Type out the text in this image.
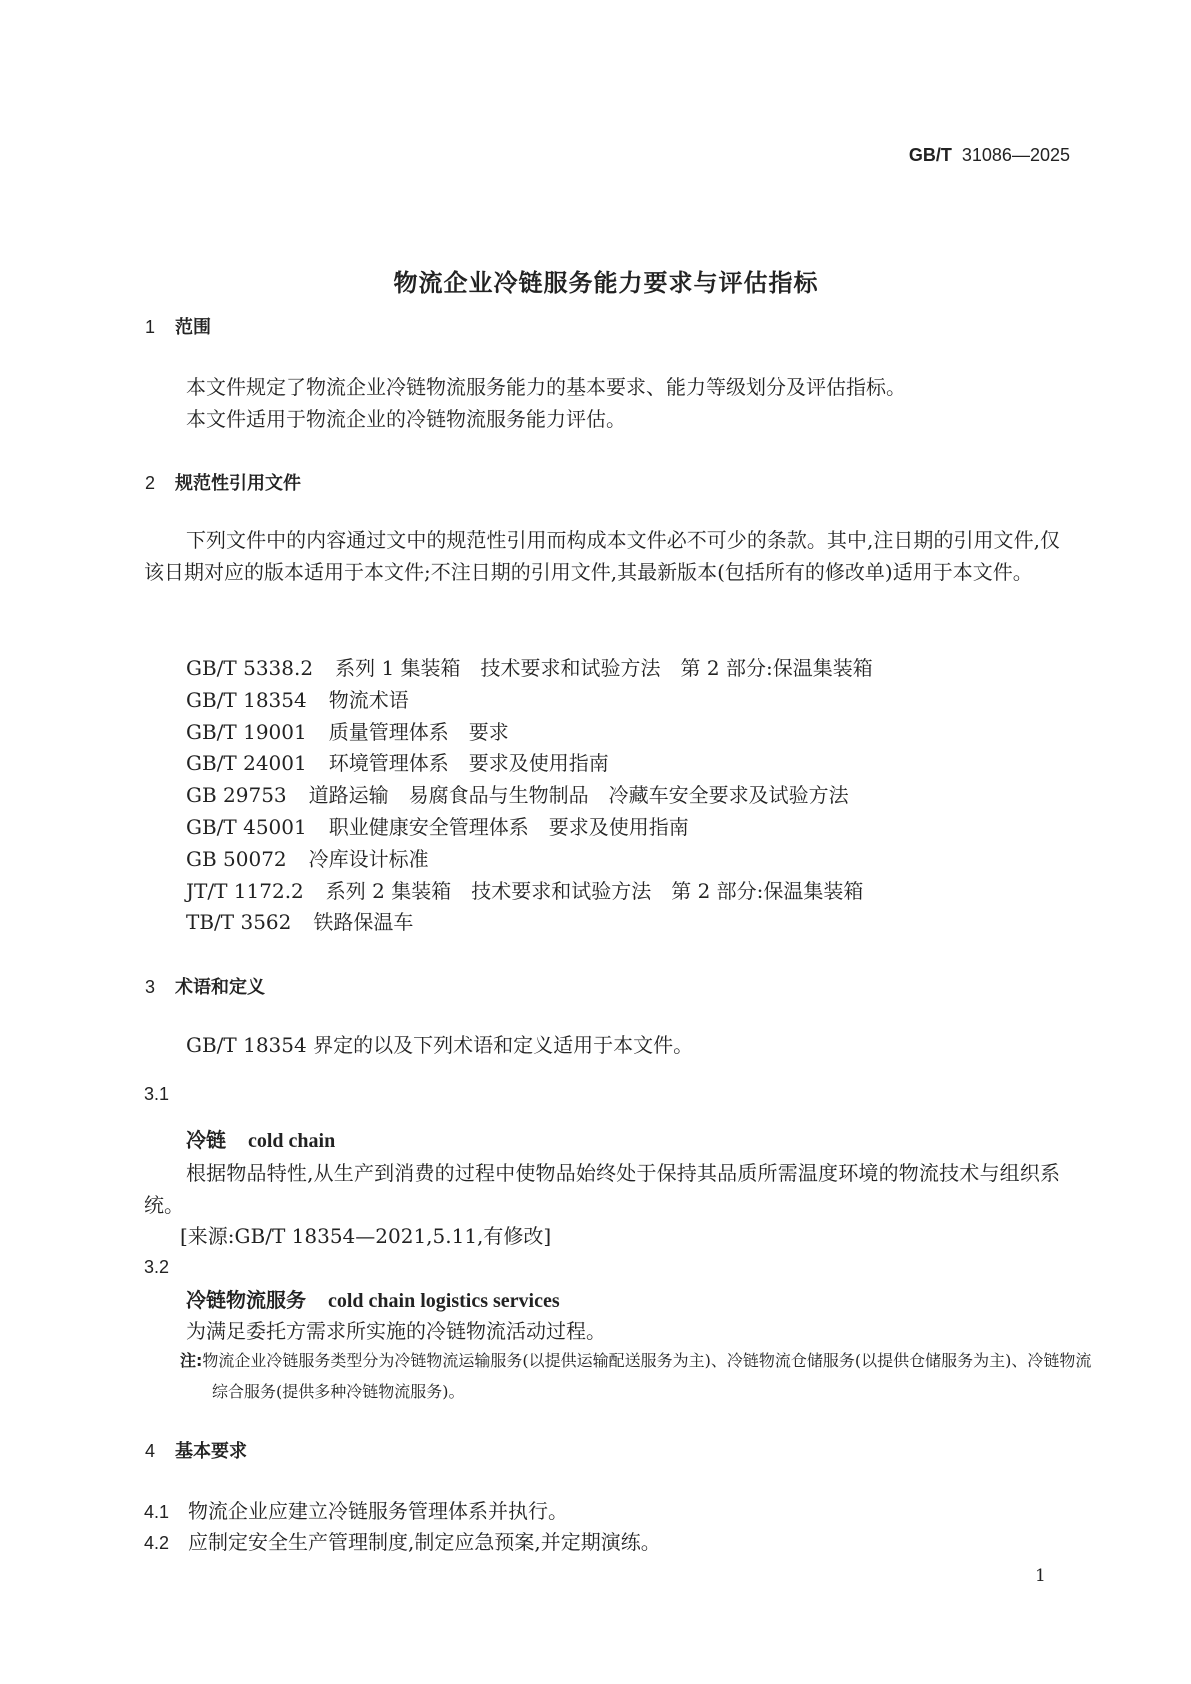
GB/T 31086—2025
物流企业冷链服务能力要求与评估指标
1 范围
本文件规定了物流企业冷链物流服务能力的基本要求、能力等级划分及评估指标。
本文件适用于物流企业的冷链物流服务能力评估。
2 规范性引用文件
下列文件中的内容通过文中的规范性引用而构成本文件必不可少的条款。其中,注日期的引用文件,仅该日期对应的版本适用于本文件;不注日期的引用文件,其最新版本(包括所有的修改单)适用于本文件。
GB/T 5338.2 系列 1 集装箱　技术要求和试验方法　第 2 部分:保温集装箱
GB/T 18354 物流术语
GB/T 19001 质量管理体系　要求
GB/T 24001 环境管理体系　要求及使用指南
GB 29753 道路运输　易腐食品与生物制品　冷藏车安全要求及试验方法
GB/T 45001 职业健康安全管理体系　要求及使用指南
GB 50072 冷库设计标准
JT/T 1172.2 系列 2 集装箱　技术要求和试验方法　第 2 部分:保温集装箱
TB/T 3562 铁路保温车
3 术语和定义
GB/T 18354 界定的以及下列术语和定义适用于本文件。
3.1
冷链 cold chain
根据物品特性,从生产到消费的过程中使物品始终处于保持其品质所需温度环境的物流技术与组织系统。
[来源:GB/T 18354—2021,5.11,有修改]
3.2
冷链物流服务 cold chain logistics services
为满足委托方需求所实施的冷链物流活动过程。
注:物流企业冷链服务类型分为冷链物流运输服务(以提供运输配送服务为主)、冷链物流仓储服务(以提供仓储服务为主)、冷链物流综合服务(提供多种冷链物流服务)。
4 基本要求
4.1 物流企业应建立冷链服务管理体系并执行。
4.2 应制定安全生产管理制度,制定应急预案,并定期演练。
1
